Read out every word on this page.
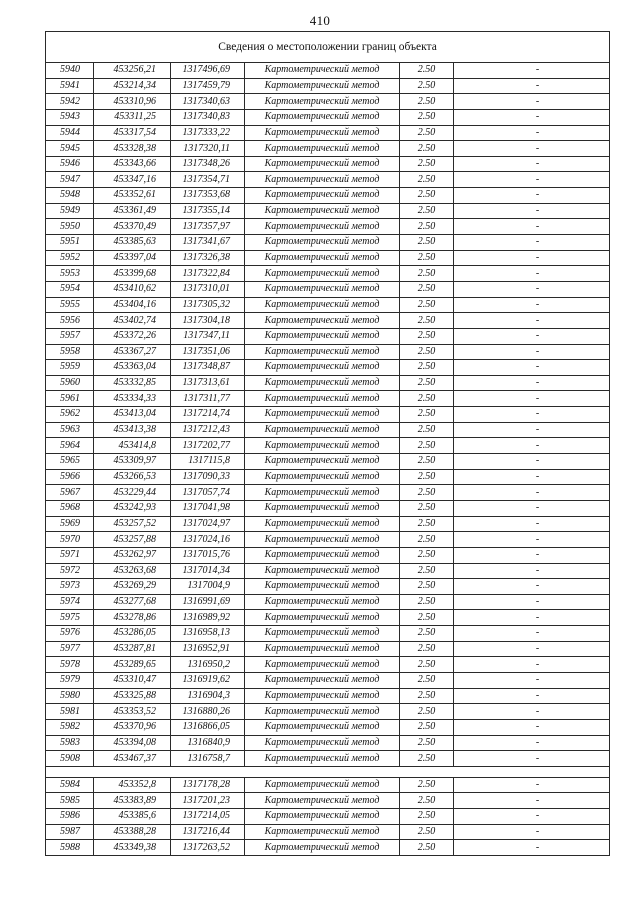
410
Сведения о местоположении границ объекта					
5940	453256,21	1317496,69	Картометрический метод	2.50	-
5941	453214,34	1317459,79	Картометрический метод	2.50	-
5942	453310,96	1317340,63	Картометрический метод	2.50	-
5943	453311,25	1317340,83	Картометрический метод	2.50	-
5944	453317,54	1317333,22	Картометрический метод	2.50	-
5945	453328,38	1317320,11	Картометрический метод	2.50	-
5946	453343,66	1317348,26	Картометрический метод	2.50	-
5947	453347,16	1317354,71	Картометрический метод	2.50	-
5948	453352,61	1317353,68	Картометрический метод	2.50	-
5949	453361,49	1317355,14	Картометрический метод	2.50	-
5950	453370,49	1317357,97	Картометрический метод	2.50	-
5951	453385,63	1317341,67	Картометрический метод	2.50	-
5952	453397,04	1317326,38	Картометрический метод	2.50	-
5953	453399,68	1317322,84	Картометрический метод	2.50	-
5954	453410,62	1317310,01	Картометрический метод	2.50	-
5955	453404,16	1317305,32	Картометрический метод	2.50	-
5956	453402,74	1317304,18	Картометрический метод	2.50	-
5957	453372,26	1317347,11	Картометрический метод	2.50	-
5958	453367,27	1317351,06	Картометрический метод	2.50	-
5959	453363,04	1317348,87	Картометрический метод	2.50	-
5960	453332,85	1317313,61	Картометрический метод	2.50	-
5961	453334,33	1317311,77	Картометрический метод	2.50	-
5962	453413,04	1317214,74	Картометрический метод	2.50	-
5963	453413,38	1317212,43	Картометрический метод	2.50	-
5964	453414,8	1317202,77	Картометрический метод	2.50	-
5965	453309,97	1317115,8	Картометрический метод	2.50	-
5966	453266,53	1317090,33	Картометрический метод	2.50	-
5967	453229,44	1317057,74	Картометрический метод	2.50	-
5968	453242,93	1317041,98	Картометрический метод	2.50	-
5969	453257,52	1317024,97	Картометрический метод	2.50	-
5970	453257,88	1317024,16	Картометрический метод	2.50	-
5971	453262,97	1317015,76	Картометрический метод	2.50	-
5972	453263,68	1317014,34	Картометрический метод	2.50	-
5973	453269,29	1317004,9	Картометрический метод	2.50	-
5974	453277,68	1316991,69	Картометрический метод	2.50	-
5975	453278,86	1316989,92	Картометрический метод	2.50	-
5976	453286,05	1316958,13	Картометрический метод	2.50	-
5977	453287,81	1316952,91	Картометрический метод	2.50	-
5978	453289,65	1316950,2	Картометрический метод	2.50	-
5979	453310,47	1316919,62	Картометрический метод	2.50	-
5980	453325,88	1316904,3	Картометрический метод	2.50	-
5981	453353,52	1316880,26	Картометрический метод	2.50	-
5982	453370,96	1316866,05	Картометрический метод	2.50	-
5983	453394,08	1316840,9	Картометрический метод	2.50	-
5908	453467,37	1316758,7	Картометрический метод	2.50	-

5984	453352,8	1317178,28	Картометрический метод	2.50	-
5985	453383,89	1317201,23	Картометрический метод	2.50	-
5986	453385,6	1317214,05	Картометрический метод	2.50	-
5987	453388,28	1317216,44	Картометрический метод	2.50	-
5988	453349,38	1317263,52	Картометрический метод	2.50	-
